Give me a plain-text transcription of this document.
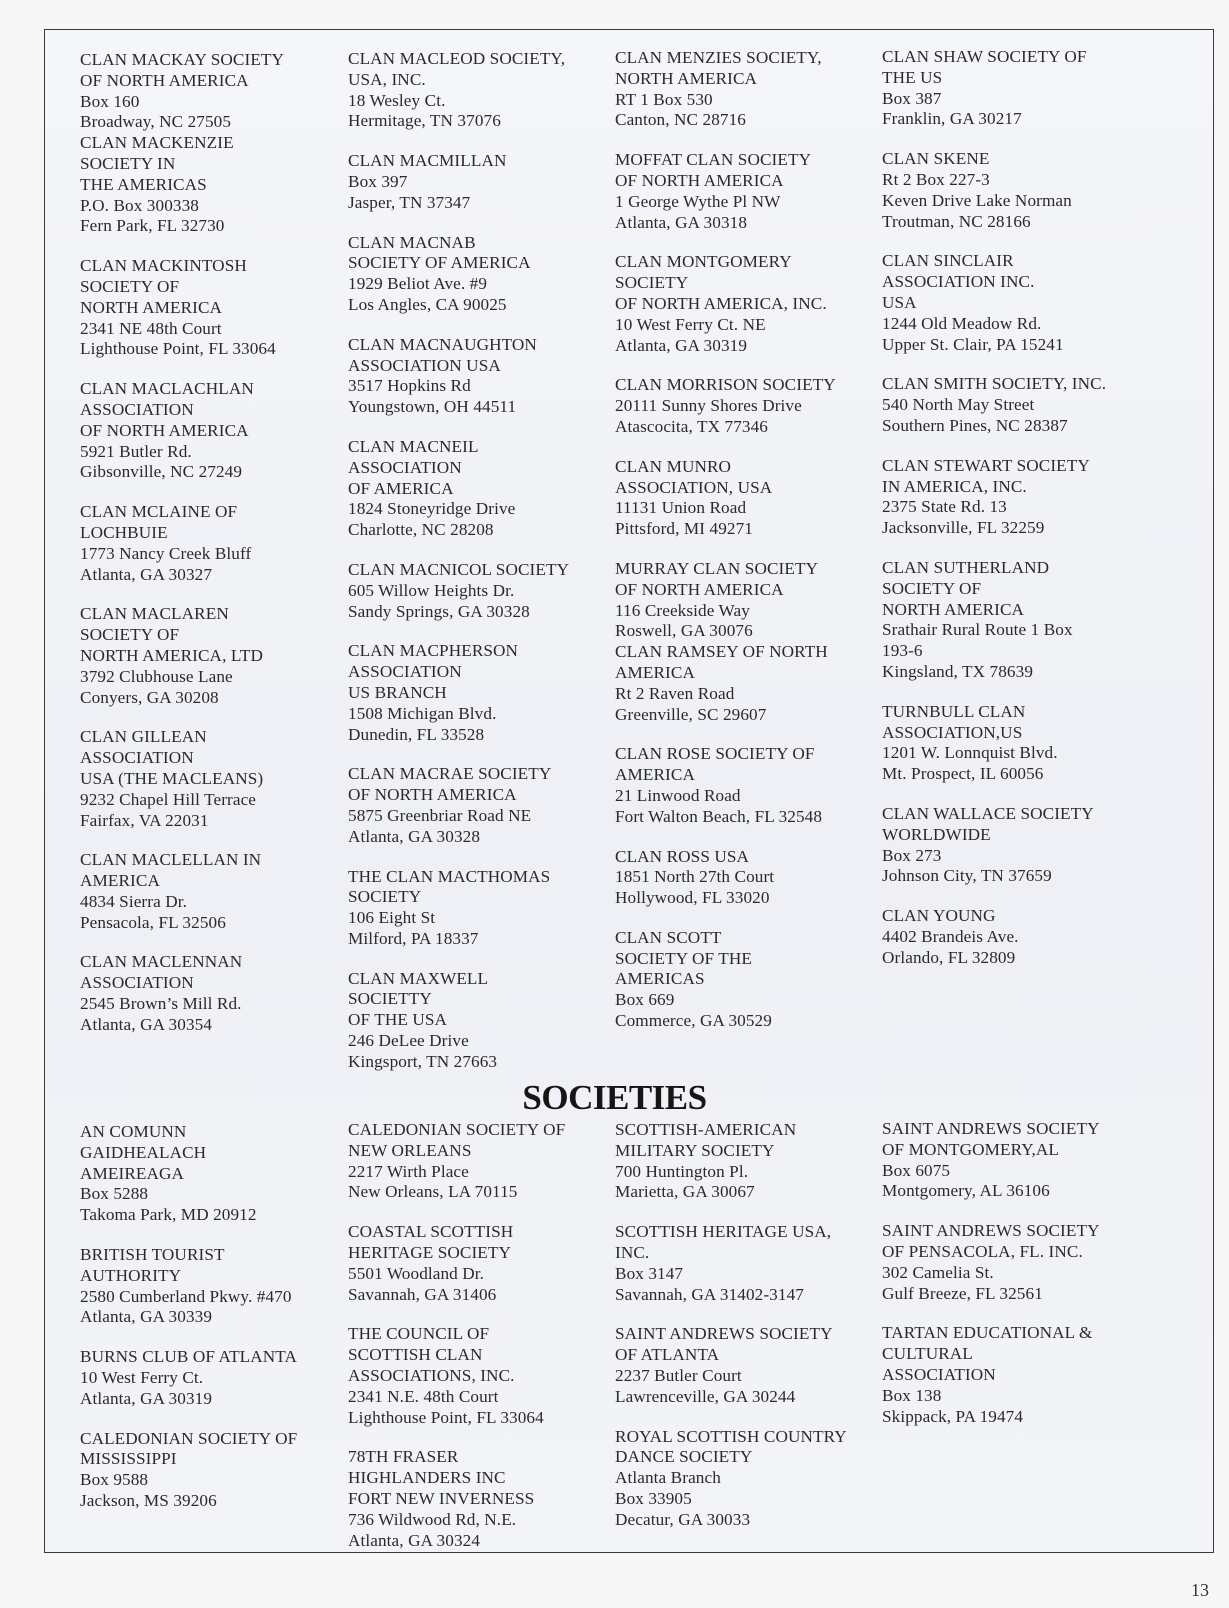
CLAN MACKAY SOCIETY
OF NORTH AMERICA
Box 160
Broadway, NC 27505
CLAN MACKENZIE
SOCIETY IN
THE AMERICAS
P.O. Box 300338
Fern Park, FL 32730
CLAN MACKINTOSH
SOCIETY OF
NORTH AMERICA
2341 NE 48th Court
Lighthouse Point, FL 33064
CLAN MACLACHLAN
ASSOCIATION
OF NORTH AMERICA
5921 Butler Rd.
Gibsonville, NC 27249
CLAN MCLAINE OF
LOCHBUIE
1773 Nancy Creek Bluff
Atlanta, GA 30327
CLAN MACLAREN
SOCIETY OF
NORTH AMERICA, LTD
3792 Clubhouse Lane
Conyers, GA 30208
CLAN GILLEAN
ASSOCIATION
USA (THE MACLEANS)
9232 Chapel Hill Terrace
Fairfax, VA 22031
CLAN MACLELLAN IN
AMERICA
4834 Sierra Dr.
Pensacola, FL 32506
CLAN MACLENNAN
ASSOCIATION
2545 Brown’s Mill Rd.
Atlanta, GA 30354
CLAN MACLEOD SOCIETY,
USA, INC.
18 Wesley Ct.
Hermitage, TN 37076
CLAN MACMILLAN
Box 397
Jasper, TN 37347
CLAN MACNAB
SOCIETY OF AMERICA
1929 Beliot Ave. #9
Los Angles, CA 90025
CLAN MACNAUGHTON
ASSOCIATION USA
3517 Hopkins Rd
Youngstown, OH 44511
CLAN MACNEIL
ASSOCIATION
OF AMERICA
1824 Stoneyridge Drive
Charlotte, NC 28208
CLAN MACNICOL SOCIETY
605 Willow Heights Dr.
Sandy Springs, GA 30328
CLAN MACPHERSON
ASSOCIATION
US BRANCH
1508 Michigan Blvd.
Dunedin, FL 33528
CLAN MACRAE SOCIETY
OF NORTH AMERICA
5875 Greenbriar Road NE
Atlanta, GA 30328
THE CLAN MACTHOMAS
SOCIETY
106 Eight St
Milford, PA 18337
CLAN MAXWELL
SOCIETTY
OF THE USA
246 DeLee Drive
Kingsport, TN 27663
CLAN MENZIES SOCIETY,
NORTH AMERICA
RT 1 Box 530
Canton, NC 28716
MOFFAT CLAN SOCIETY
OF NORTH AMERICA
1 George Wythe Pl NW
Atlanta, GA 30318
CLAN MONTGOMERY
SOCIETY
OF NORTH AMERICA, INC.
10 West Ferry Ct. NE
Atlanta, GA 30319
CLAN MORRISON SOCIETY
20111 Sunny Shores Drive
Atascocita, TX 77346
CLAN MUNRO
ASSOCIATION, USA
11131 Union Road
Pittsford, MI 49271
MURRAY CLAN SOCIETY
OF NORTH AMERICA
116 Creekside Way
Roswell, GA 30076
CLAN RAMSEY OF NORTH
AMERICA
Rt 2 Raven Road
Greenville, SC 29607
CLAN ROSE SOCIETY OF
AMERICA
21 Linwood Road
Fort Walton Beach, FL 32548
CLAN ROSS USA
1851 North 27th Court
Hollywood, FL 33020
CLAN SCOTT
SOCIETY OF THE
AMERICAS
Box 669
Commerce, GA 30529
CLAN SHAW SOCIETY OF
THE US
Box 387
Franklin, GA 30217
CLAN SKENE
Rt 2 Box 227-3
Keven Drive Lake Norman
Troutman, NC 28166
CLAN SINCLAIR
ASSOCIATION INC.
USA
1244 Old Meadow Rd.
Upper St. Clair, PA 15241
CLAN SMITH SOCIETY, INC.
540 North May Street
Southern Pines, NC 28387
CLAN STEWART SOCIETY
IN AMERICA, INC.
2375 State Rd. 13
Jacksonville, FL 32259
CLAN SUTHERLAND
SOCIETY OF
NORTH AMERICA
Srathair Rural Route 1 Box
193-6
Kingsland, TX 78639
TURNBULL CLAN
ASSOCIATION,US
1201 W. Lonnquist Blvd.
Mt. Prospect, IL 60056
CLAN WALLACE SOCIETY
WORLDWIDE
Box 273
Johnson City, TN 37659
CLAN YOUNG
4402 Brandeis Ave.
Orlando, FL 32809
SOCIETIES
AN COMUNN
GAIDHEALACH
AMEIREAGA
Box 5288
Takoma Park, MD 20912
BRITISH TOURIST
AUTHORITY
2580 Cumberland Pkwy. #470
Atlanta, GA 30339
BURNS CLUB OF ATLANTA
10 West Ferry Ct.
Atlanta, GA 30319
CALEDONIAN SOCIETY OF
MISSISSIPPI
Box 9588
Jackson, MS 39206
CALEDONIAN SOCIETY OF
NEW ORLEANS
2217 Wirth Place
New Orleans, LA 70115
COASTAL SCOTTISH
HERITAGE SOCIETY
5501 Woodland Dr.
Savannah, GA 31406
THE COUNCIL OF
SCOTTISH CLAN
ASSOCIATIONS, INC.
2341 N.E. 48th Court
Lighthouse Point, FL 33064
78TH FRASER
HIGHLANDERS INC
FORT NEW INVERNESS
736 Wildwood Rd, N.E.
Atlanta, GA 30324
SCOTTISH-AMERICAN
MILITARY SOCIETY
700 Huntington Pl.
Marietta, GA 30067
SCOTTISH HERITAGE USA,
INC.
Box 3147
Savannah, GA 31402-3147
SAINT ANDREWS SOCIETY
OF ATLANTA
2237 Butler Court
Lawrenceville, GA 30244
ROYAL SCOTTISH COUNTRY
DANCE SOCIETY
Atlanta Branch
Box 33905
Decatur, GA 30033
SAINT ANDREWS SOCIETY
OF MONTGOMERY,AL
Box 6075
Montgomery, AL 36106
SAINT ANDREWS SOCIETY
OF PENSACOLA, FL. INC.
302 Camelia St.
Gulf Breeze, FL 32561
TARTAN EDUCATIONAL &
CULTURAL
ASSOCIATION
Box 138
Skippack, PA 19474
13
